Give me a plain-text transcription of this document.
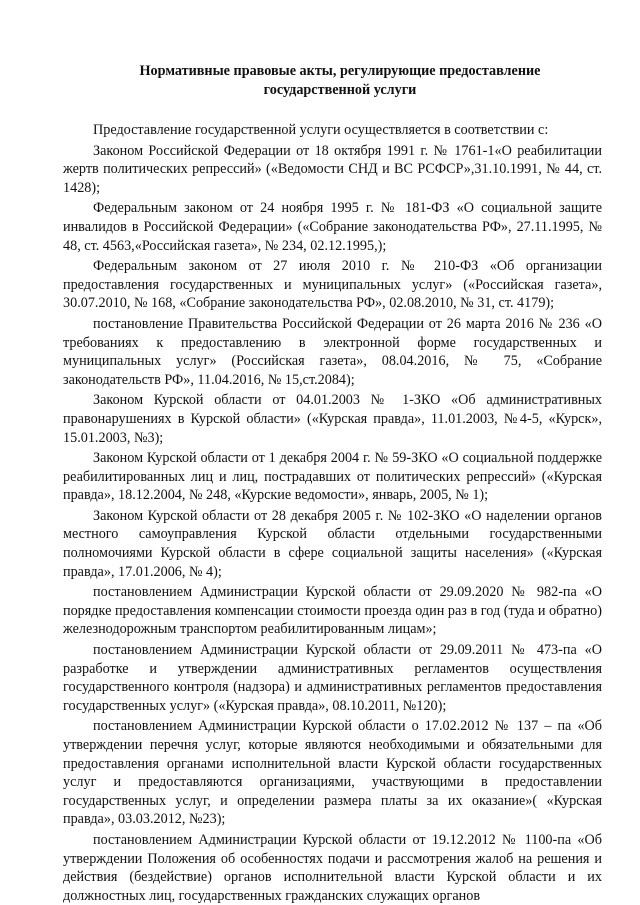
Нормативные правовые акты, регулирующие предоставление
государственной услуги

Предоставление государственной услуги осуществляется в соответствии с:

Законом Российской Федерации от 18 октября 1991 г. № 1761-1«О реабилитации жертв политических репрессий» («Ведомости СНД и ВС РСФСР»,31.10.1991, № 44, ст. 1428);

Федеральным законом от 24 ноября 1995 г. № 181-ФЗ «О социальной защите инвалидов в Российской Федерации» («Собрание законодательства РФ», 27.11.1995, № 48, ст. 4563,«Российская газета», № 234, 02.12.1995,);

Федеральным законом от 27 июля 2010 г. № 210-ФЗ «Об организации предоставления государственных и муниципальных услуг» («Российская газета», 30.07.2010, № 168, «Собрание законодательства РФ», 02.08.2010, № 31, ст. 4179);

постановление Правительства Российской Федерации от 26 марта 2016 № 236 «О требованиях к предоставлению в электронной форме государственных и муниципальных услуг» (Российская газета», 08.04.2016, № 75, «Собрание законодательств РФ», 11.04.2016, № 15,ст.2084);

Законом Курской области от 04.01.2003 № 1-ЗКО «Об административных правонарушениях в Курской области» («Курская правда», 11.01.2003, №4-5, «Курск», 15.01.2003, №3);

Законом Курской области от 1 декабря 2004 г. № 59-ЗКО «О социальной поддержке реабилитированных лиц и лиц, пострадавших от политических репрессий» («Курская правда», 18.12.2004, № 248, «Курские ведомости», январь, 2005, № 1);

Законом Курской области от 28 декабря 2005 г. № 102-ЗКО «О наделении органов местного самоуправления Курской области отдельными государственными полномочиями Курской области в сфере социальной защиты населения» («Курская правда», 17.01.2006, № 4);

постановлением Администрации Курской области от 29.09.2020 № 982-па «О порядке предоставления компенсации стоимости проезда один раз в год (туда и обратно) железнодорожным транспортом реабилитированным лицам»;

постановлением Администрации Курской области от 29.09.2011 № 473-па «О разработке и утверждении административных регламентов осуществления государственного контроля (надзора) и административных регламентов предоставления государственных услуг» («Курская правда», 08.10.2011, №120);

постановлением Администрации Курской области о 17.02.2012 № 137 – па «Об утверждении перечня услуг, которые являются необходимыми и обязательными для предоставления органами исполнительной власти Курской области государственных услуг и предоставляются организациями, участвующими в предоставлении государственных услуг, и определении размера платы за их оказание»( «Курская правда», 03.03.2012, №23);

постановлением Администрации Курской области от 19.12.2012 № 1100-па «Об утверждении Положения об особенностях подачи и рассмотрения жалоб на решения и действия (бездействие) органов исполнительной власти Курской области и их должностных лиц, государственных гражданских служащих органов
